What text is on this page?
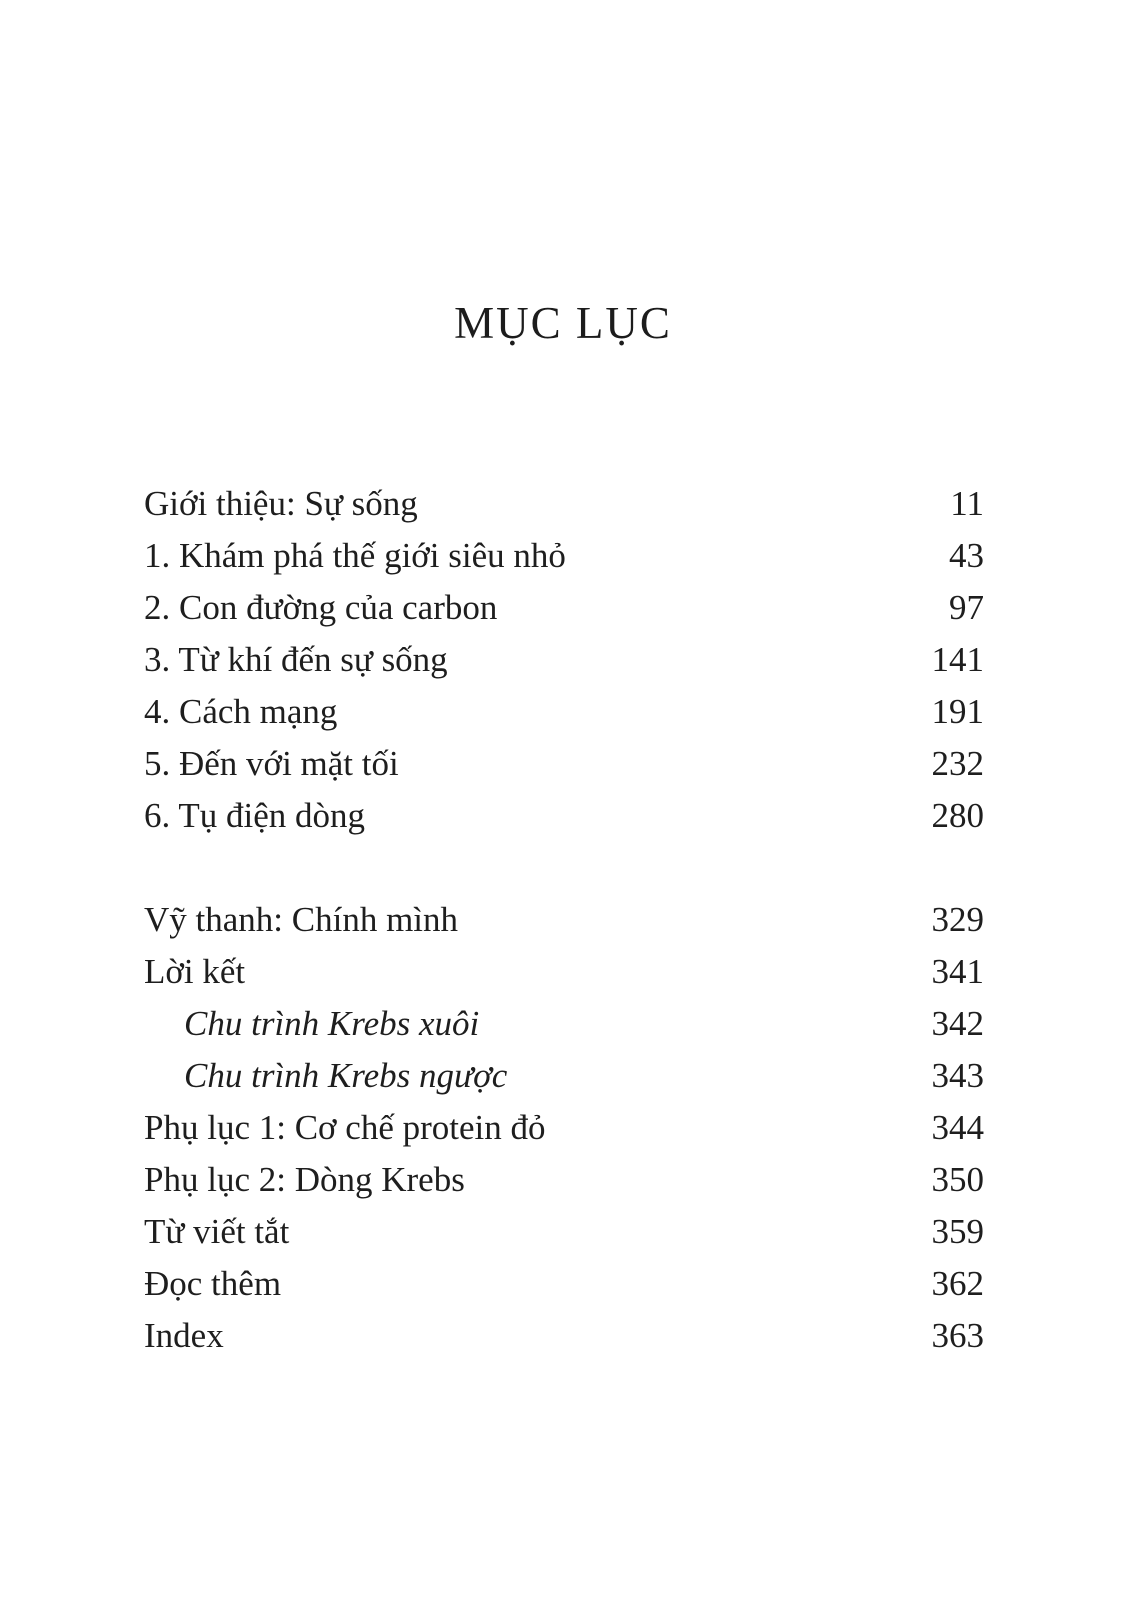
MỤC LỤC
Giới thiệu: Sự sống	11
1. Khám phá thế giới siêu nhỏ	43
2. Con đường của carbon	97
3. Từ khí đến sự sống	141
4. Cách mạng	191
5. Đến với mặt tối	232
6. Tụ điện dòng	280
Vỹ thanh: Chính mình	329
Lời kết	341
Chu trình Krebs xuôi	342
Chu trình Krebs ngược	343
Phụ lục 1: Cơ chế protein đỏ	344
Phụ lục 2: Dòng Krebs	350
Từ viết tắt	359
Đọc thêm	362
Index	363
